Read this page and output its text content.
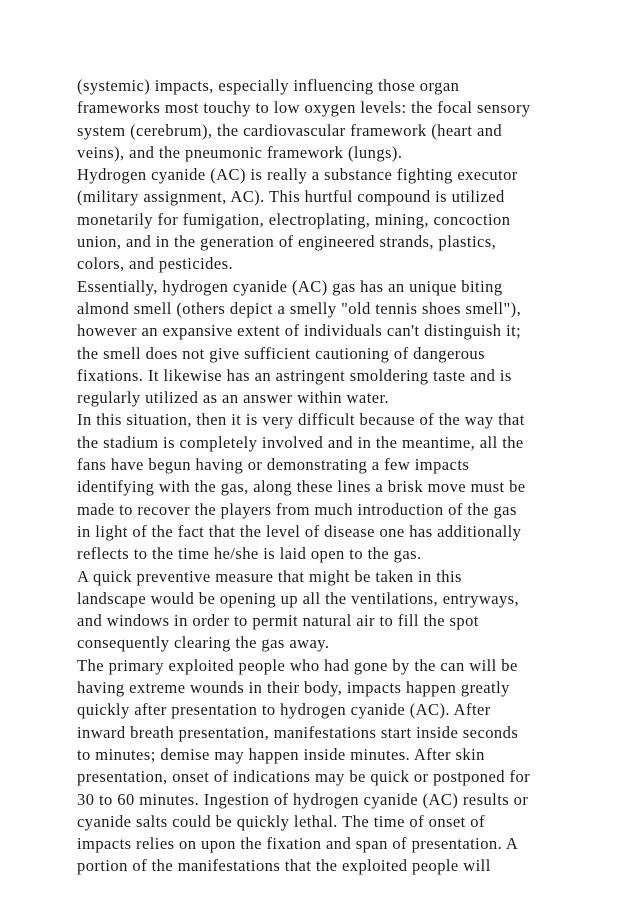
(systemic) impacts, especially influencing those organ
frameworks most touchy to low oxygen levels: the focal sensory
system (cerebrum), the cardiovascular framework (heart and
veins), and the pneumonic framework (lungs).
Hydrogen cyanide (AC) is really a substance fighting executor
(military assignment, AC). This hurtful compound is utilized
monetarily for fumigation, electroplating, mining, concoction
union, and in the generation of engineered strands, plastics,
colors, and pesticides.
Essentially, hydrogen cyanide (AC) gas has an unique biting
almond smell (others depict a smelly "old tennis shoes smell"),
however an expansive extent of individuals can't distinguish it;
the smell does not give sufficient cautioning of dangerous
fixations. It likewise has an astringent smoldering taste and is
regularly utilized as an answer within water.
In this situation, then it is very difficult because of the way that
the stadium is completely involved and in the meantime, all the
fans have begun having or demonstrating a few impacts
identifying with the gas, along these lines a brisk move must be
made to recover the players from much introduction of the gas
in light of the fact that the level of disease one has additionally
reflects to the time he/she is laid open to the gas.
A quick preventive measure that might be taken in this
landscape would be opening up all the ventilations, entryways,
and windows in order to permit natural air to fill the spot
consequently clearing the gas away.
The primary exploited people who had gone by the can will be
having extreme wounds in their body, impacts happen greatly
quickly after presentation to hydrogen cyanide (AC). After
inward breath presentation, manifestations start inside seconds
to minutes; demise may happen inside minutes. After skin
presentation, onset of indications may be quick or postponed for
30 to 60 minutes. Ingestion of hydrogen cyanide (AC) results or
cyanide salts could be quickly lethal. The time of onset of
impacts relies on upon the fixation and span of presentation. A
portion of the manifestations that the exploited people will
